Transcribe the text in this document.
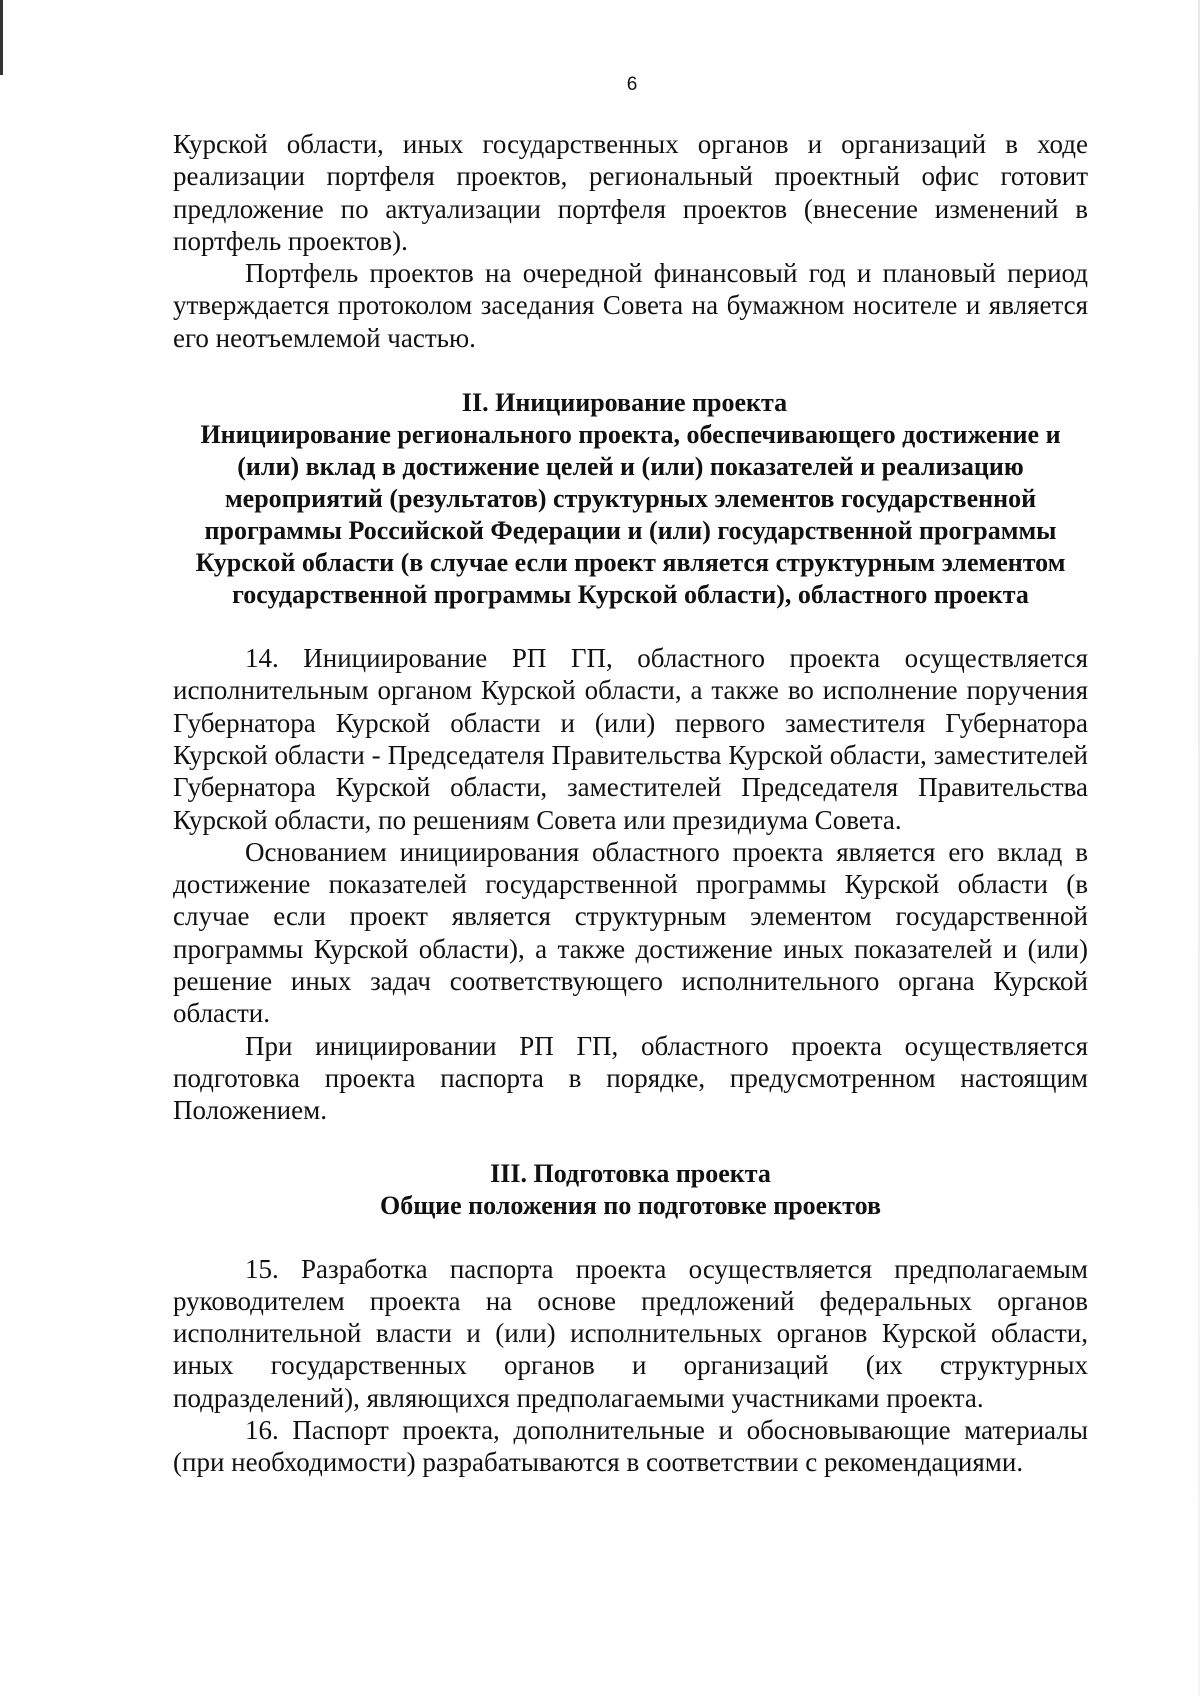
6

Курской области, иных государственных органов и организаций в ходе реализации портфеля проектов, региональный проектный офис готовит предложение по актуализации портфеля проектов (внесение изменений в портфель проектов).

Портфель проектов на очередной финансовый год и плановый период утверждается протоколом заседания Совета на бумажном носителе и является его неотъемлемой частью.

II. Инициирование проекта
Инициирование регионального проекта, обеспечивающего достижение и (или) вклад в достижение целей и (или) показателей и реализацию мероприятий (результатов) структурных элементов государственной программы Российской Федерации и (или) государственной программы Курской области (в случае если проект является структурным элементом государственной программы Курской области), областного проекта

14. Инициирование РП ГП, областного проекта осуществляется исполнительным органом Курской области, а также во исполнение поручения Губернатора Курской области и (или) первого заместителя Губернатора Курской области - Председателя Правительства Курской области, заместителей Губернатора Курской области, заместителей Председателя Правительства Курской области, по решениям Совета или президиума Совета.

Основанием инициирования областного проекта является его вклад в достижение показателей государственной программы Курской области (в случае если проект является структурным элементом государственной программы Курской области), а также достижение иных показателей и (или) решение иных задач соответствующего исполнительного органа Курской области.

При инициировании РП ГП, областного проекта осуществляется подготовка проекта паспорта в порядке, предусмотренном настоящим Положением.

III. Подготовка проекта
Общие положения по подготовке проектов

15. Разработка паспорта проекта осуществляется предполагаемым руководителем проекта на основе предложений федеральных органов исполнительной власти и (или) исполнительных органов Курской области, иных государственных органов и организаций (их структурных подразделений), являющихся предполагаемыми участниками проекта.

16. Паспорт проекта, дополнительные и обосновывающие материалы (при необходимости) разрабатываются в соответствии с рекомендациями.
